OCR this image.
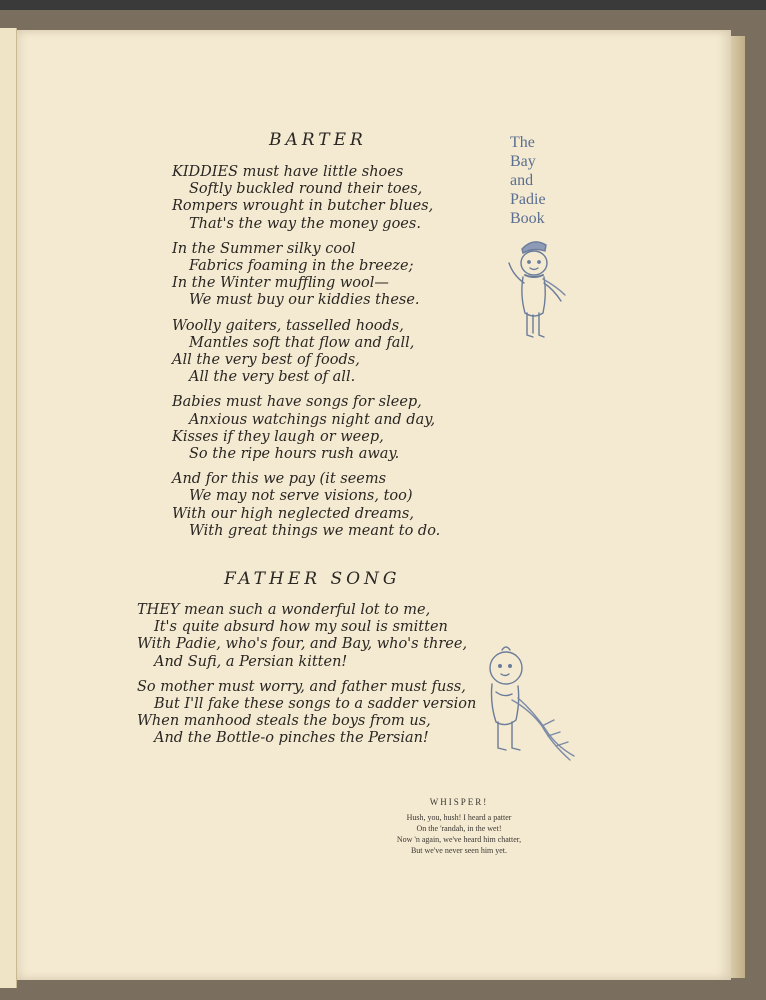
BARTER

KIDDIES must have little shoes
Softly buckled round their toes,
Rompers wrought in butcher blues,
That's the way the money goes.

In the Summer silky cool
Fabrics foaming in the breeze;
In the Winter muffling wool—
We must buy our kiddies these.

Woolly gaiters, tasselled hoods,
Mantles soft that flow and fall,
All the very best of foods,
All the very best of all.

Babies must have songs for sleep,
Anxious watchings night and day,
Kisses if they laugh or weep,
So the ripe hours rush away.

And for this we pay (it seems
We may not serve visions, too)
With our high neglected dreams,
With great things we meant to do.

The
Bay
and
Padie
Book
FATHER SONG

THEY mean such a wonderful lot to me,
It's quite absurd how my soul is smitten
With Padie, who's four, and Bay, who's three,
And Sufi, a Persian kitten!

So mother must worry, and father must fuss,
But I'll fake these songs to a sadder version
When manhood steals the boys from us,
And the Bottle-o pinches the Persian!

WHISPER!
Hush, you, hush! I heard a patter
On the 'randah, in the wet!
Now 'n again, we've heard him chatter,
But we've never seen him yet.
